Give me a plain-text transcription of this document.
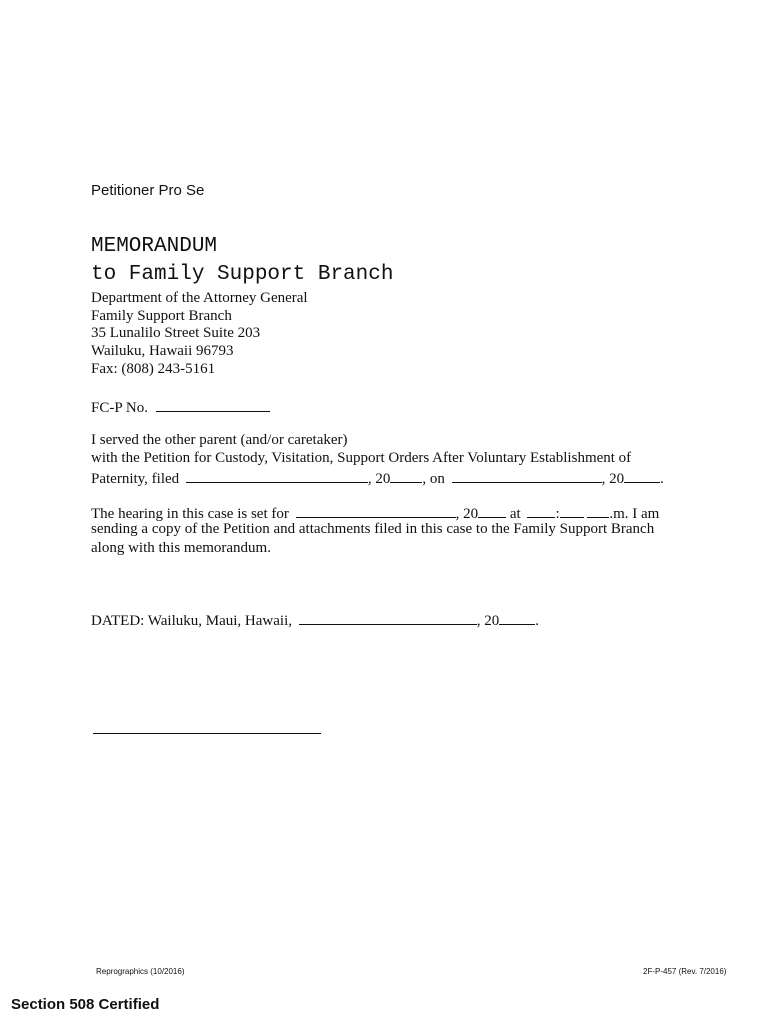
Petitioner Pro Se
MEMORANDUM
to Family Support Branch
Department of the Attorney General
Family Support Branch
35 Lunalilo Street Suite 203
Wailuku, Hawaii 96793
Fax: (808) 243-5161
FC-P No.
I served the other parent (and/or caretaker)
with the Petition for Custody, Visitation, Support Orders After Voluntary Establishment of
Paternity, filed	, 20 , on	, 20 .
The hearing in this case is set for	, 20 at :	.m. I am
sending a copy of the Petition and attachments filed in this case to the Family Support Branch
along with this memorandum.
DATED: Wailuku, Maui, Hawaii,	, 20 .
Reprographics (10/2016)	2F-P-457 (Rev. 7/2016)
Section 508 Certified
